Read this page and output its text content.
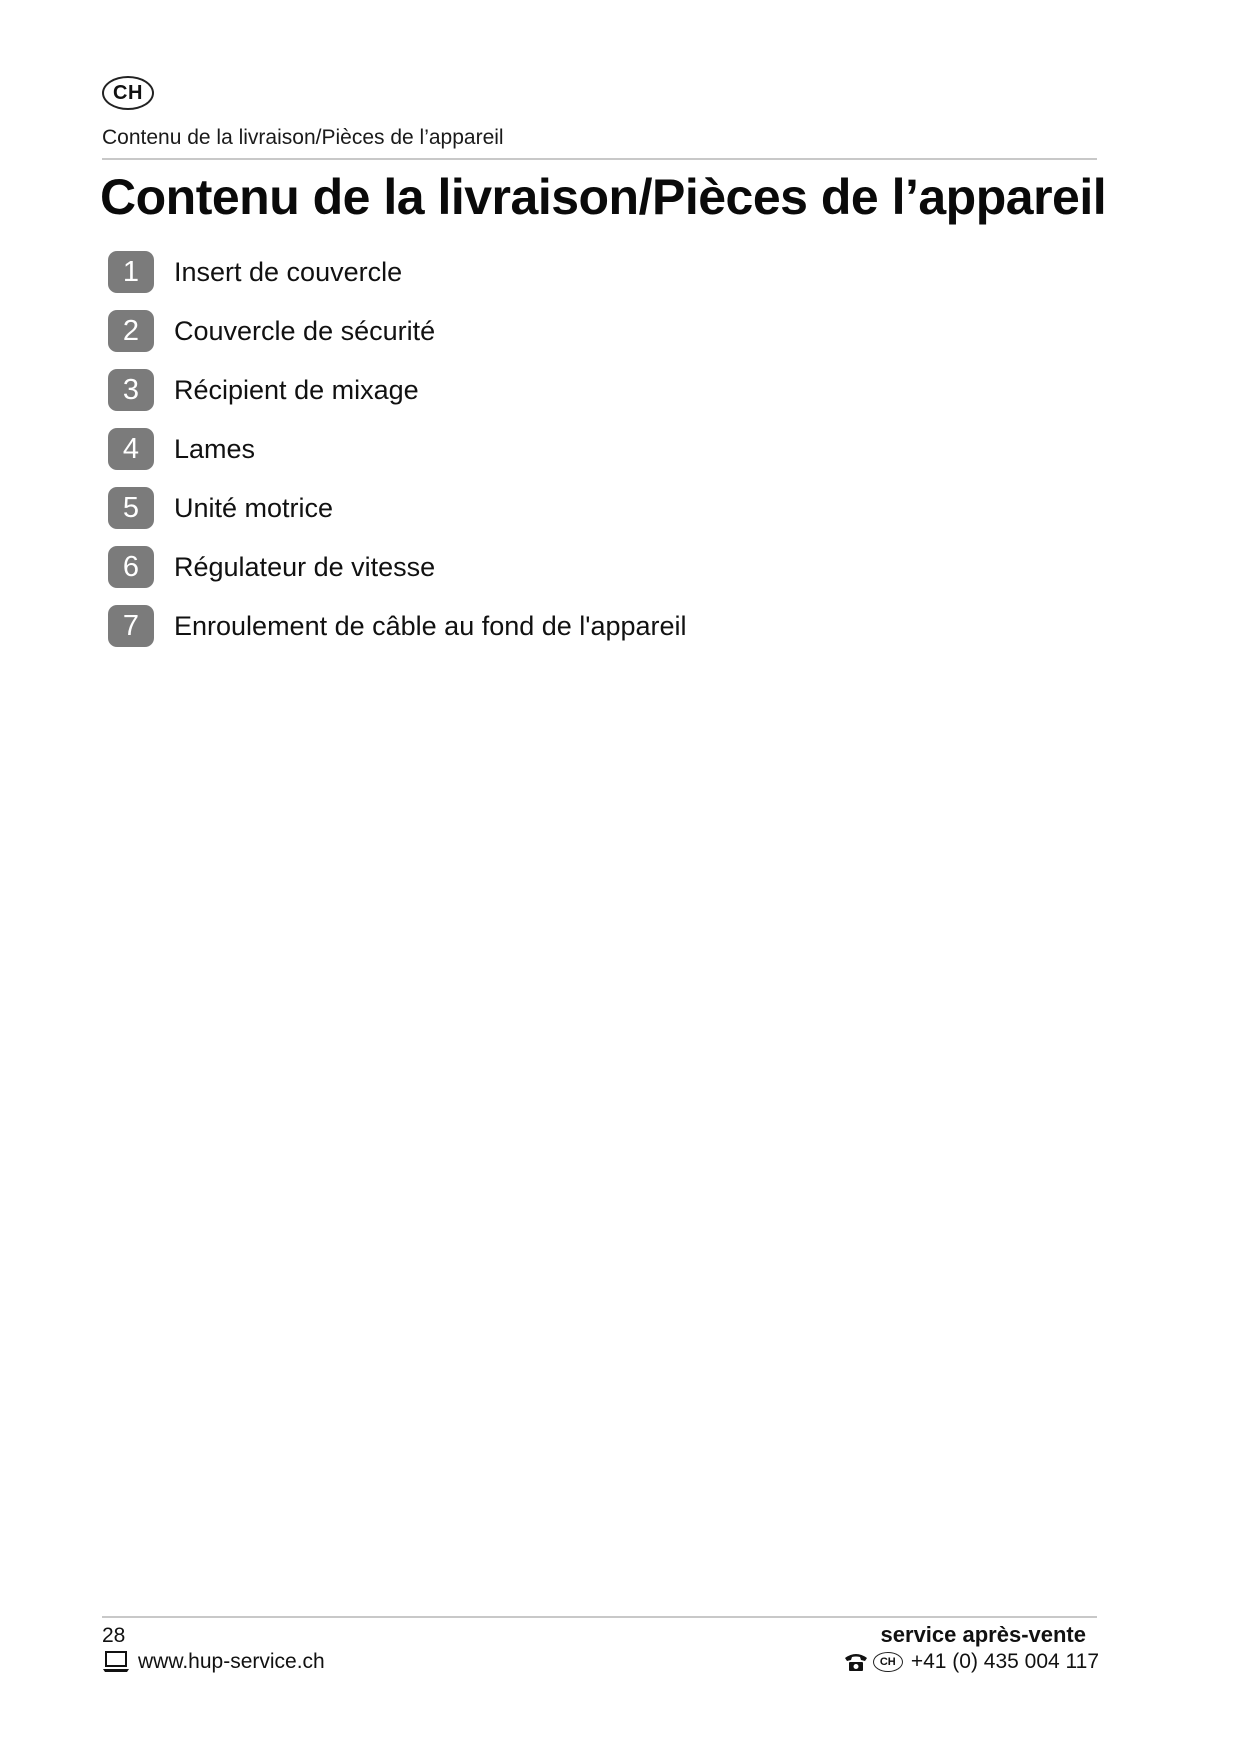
CH
Contenu de la livraison/Pièces de l’appareil
Contenu de la livraison/Pièces de l’appareil
1	Insert de couvercle
2	Couvercle de sécurité
3	Récipient de mixage
4	Lames
5	Unité motrice
6	Régulateur de vitesse
7	Enroulement de câble au fond de l'appareil
28
www.hup-service.ch
service après-vente
CH +41 (0) 435 004 117
